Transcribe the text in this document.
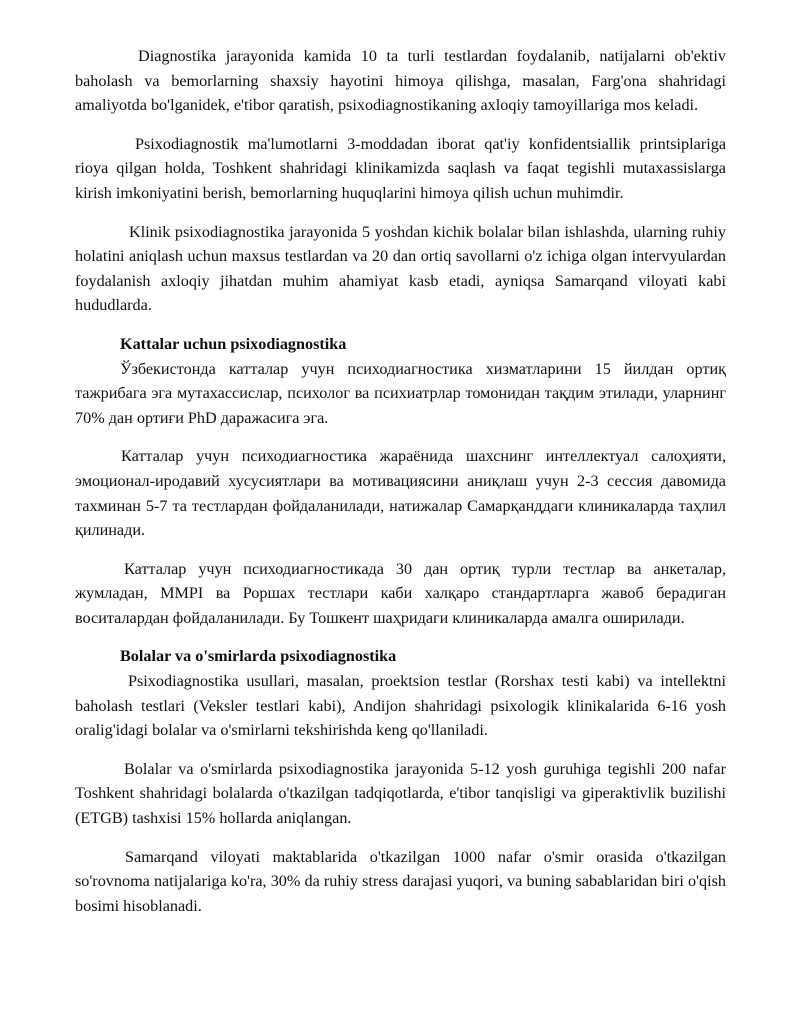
Diagnostika jarayonida kamida 10 ta turli testlardan foydalanib, natijalarni ob'ektiv baholash va bemorlarning shaxsiy hayotini himoya qilishga, masalan, Farg'ona shahridagi amaliyotda bo'lganidek, e'tibor qaratish, psixodiagnostikaning axloqiy tamoyillariga mos keladi.

Psixodiagnostik ma'lumotlarni 3-moddadan iborat qat'iy konfidentsiallik printsiplariga rioya qilgan holda, Toshkent shahridagi klinikamizda saqlash va faqat tegishli mutaxassislarga kirish imkoniyatini berish, bemorlarning huquqlarini himoya qilish uchun muhimdir.

Klinik psixodiagnostika jarayonida 5 yoshdan kichik bolalar bilan ishlashda, ularning ruhiy holatini aniqlash uchun maxsus testlardan va 20 dan ortiq savollarni o'z ichiga olgan intervyulardan foydalanish axloqiy jihatdan muhim ahamiyat kasb etadi, ayniqsa Samarqand viloyati kabi hududlarda.

Kattalar uchun psixodiagnostika

Ўзбекистонда катталар учун психодиагностика хизматларини 15 йилдан ортиқ тажрибага эга мутахассислар, психолог ва психиатрлар томонидан тақдим этилади, уларнинг 70% дан ортиғи PhD даражасига эга.

Катталар учун психодиагностика жараёнида шахснинг интеллектуал салоҳияти, эмоционал-иродавий хусусиятлари ва мотивациясини аниқлаш учун 2-3 сессия давомида тахминан 5-7 та тестлардан фойдаланилади, натижалар Самарқанддаги клиникаларда таҳлил қилинади.

Катталар учун психодиагностикада 30 дан ортиқ турли тестлар ва анкеталар, жумладан, MMPI ва Роршах тестлари каби халқаро стандартларга жавоб берадиган воситалардан фойдаланилади. Бу Тошкент шаҳридаги клиникаларда амалга оширилади.

Bolalar va o'smirlarda psixodiagnostika

Psixodiagnostika usullari, masalan, proektsion testlar (Rorshax testi kabi) va intellektni baholash testlari (Veksler testlari kabi), Andijon shahridagi psixologik klinikalarida 6-16 yosh oralig'idagi bolalar va o'smirlarni tekshirishda keng qo'llaniladi.

Bolalar va o'smirlarda psixodiagnostika jarayonida 5-12 yosh guruhiga tegishli 200 nafar Toshkent shahridagi bolalarda o'tkazilgan tadqiqotlarda, e'tibor tanqisligi va giperaktivlik buzilishi (ETGB) tashxisi 15% hollarda aniqlangan.

Samarqand viloyati maktablarida o'tkazilgan 1000 nafar o'smir orasida o'tkazilgan so'rovnoma natijalariga ko'ra, 30% da ruhiy stress darajasi yuqori, va buning sabablaridan biri o'qish bosimi hisoblanadi.
